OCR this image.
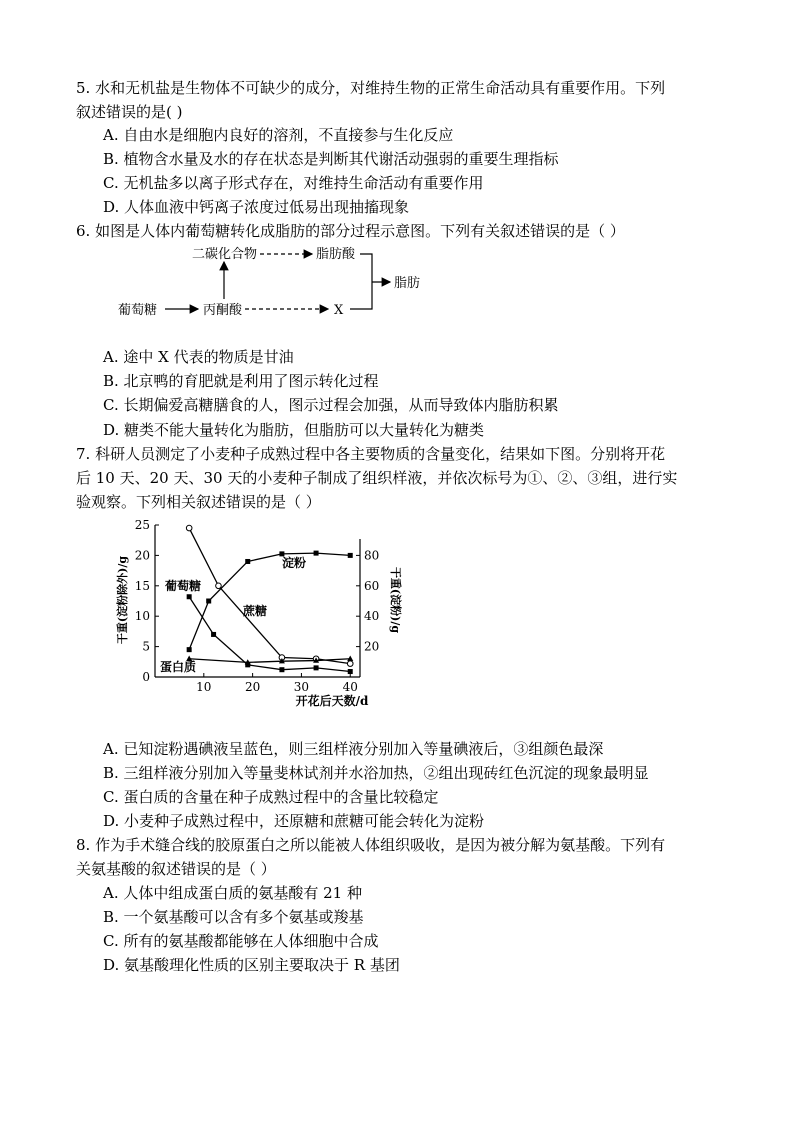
5. 水和无机盐是生物体不可缺少的成分，对维持生物的正常生命活动具有重要作用。下列
叙述错误的是( )
A. 自由水是细胞内良好的溶剂，不直接参与生化反应
B. 植物含水量及水的存在状态是判断其代谢活动强弱的重要生理指标
C. 无机盐多以离子形式存在，对维持生命活动有重要作用
D. 人体血液中钙离子浓度过低易出现抽搐现象
6. 如图是人体内葡萄糖转化成脂肪的部分过程示意图。下列有关叙述错误的是（ ）
葡萄糖	丙酮酸	X
二碳化合物	脂肪酸
脂肪
A. 途中 X 代表的物质是甘油
B. 北京鸭的育肥就是利用了图示转化过程
C. 长期偏爱高糖膳食的人，图示过程会加强，从而导致体内脂肪积累
D. 糖类不能大量转化为脂肪，但脂肪可以大量转化为糖类
7. 科研人员测定了小麦种子成熟过程中各主要物质的含量变化，结果如下图。分别将开花
后 10 天、20 天、30 天的小麦种子制成了组织样液，并依次标号为①、②、③组，进行实
验观察。下列相关叙述错误的是（ ）
0
5
10
15
20
25
20
40
60
80
10	20	30	40
开花后天数/d
干重(淀粉除外)/g	干重(淀粉)/g
葡萄糖
蔗糖
蛋白质
淀粉
A. 已知淀粉遇碘液呈蓝色，则三组样液分别加入等量碘液后，③组颜色最深
B. 三组样液分别加入等量斐林试剂并水浴加热，②组出现砖红色沉淀的现象最明显
C. 蛋白质的含量在种子成熟过程中的含量比较稳定
D. 小麦种子成熟过程中，还原糖和蔗糖可能会转化为淀粉
8. 作为手术缝合线的胶原蛋白之所以能被人体组织吸收，是因为被分解为氨基酸。下列有
关氨基酸的叙述错误的是（ ）
A. 人体中组成蛋白质的氨基酸有 21 种
B. 一个氨基酸可以含有多个氨基或羧基
C. 所有的氨基酸都能够在人体细胞中合成
D. 氨基酸理化性质的区别主要取决于 R 基团
